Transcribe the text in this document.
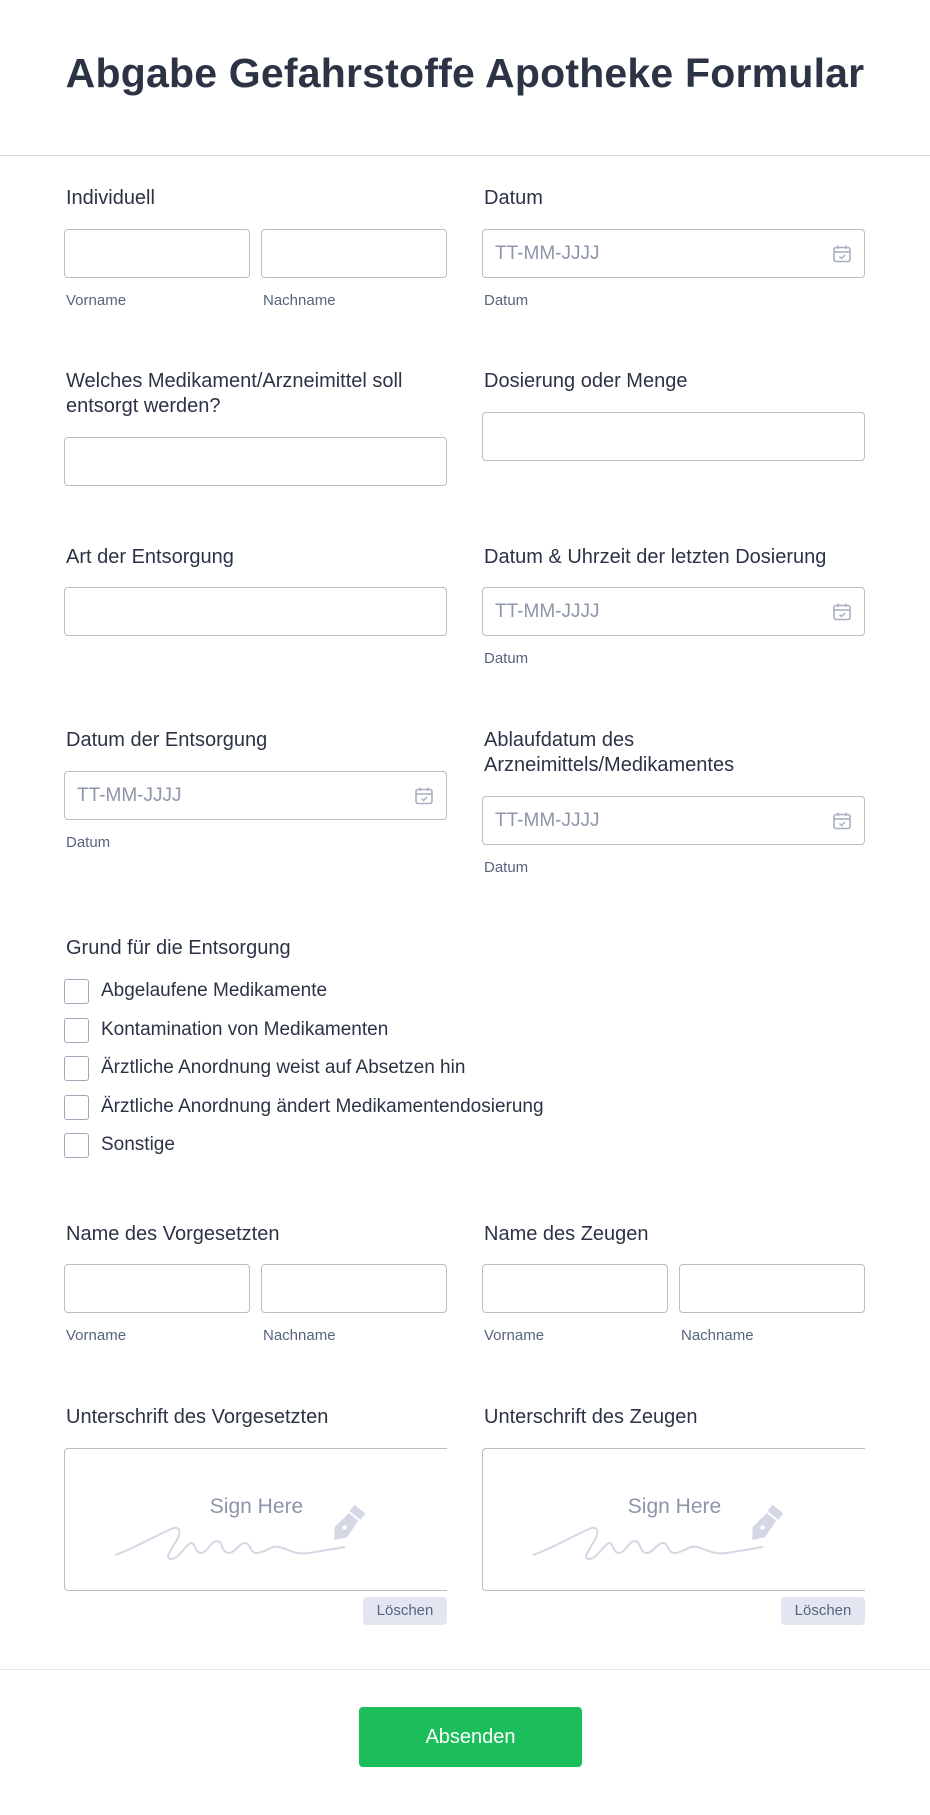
Abgabe Gefahrstoffe Apotheke Formular
Individuell
Vorname	Nachname
Datum
TT-MM-JJJJ
Datum
Welches Medikament/Arzneimittel soll
entsorgt werden?
Dosierung oder Menge
Art der Entsorgung	Datum & Uhrzeit der letzten Dosierung
TT-MM-JJJJ
Datum
Datum der Entsorgung
TT-MM-JJJJ
Datum
Ablaufdatum des
Arzneimittels/Medikamentes
TT-MM-JJJJ
Datum
Grund für die Entsorgung
Abgelaufene Medikamente
Kontamination von Medikamenten
Ärztliche Anordnung weist auf Absetzen hin
Ärztliche Anordnung ändert Medikamentendosierung
Sonstige
Name des Vorgesetzten
Vorname	Nachname
Name des Zeugen
Vorname	Nachname
Unterschrift des Vorgesetzten
Sign Here
Löschen
Unterschrift des Zeugen
Sign Here
Löschen
Absenden
